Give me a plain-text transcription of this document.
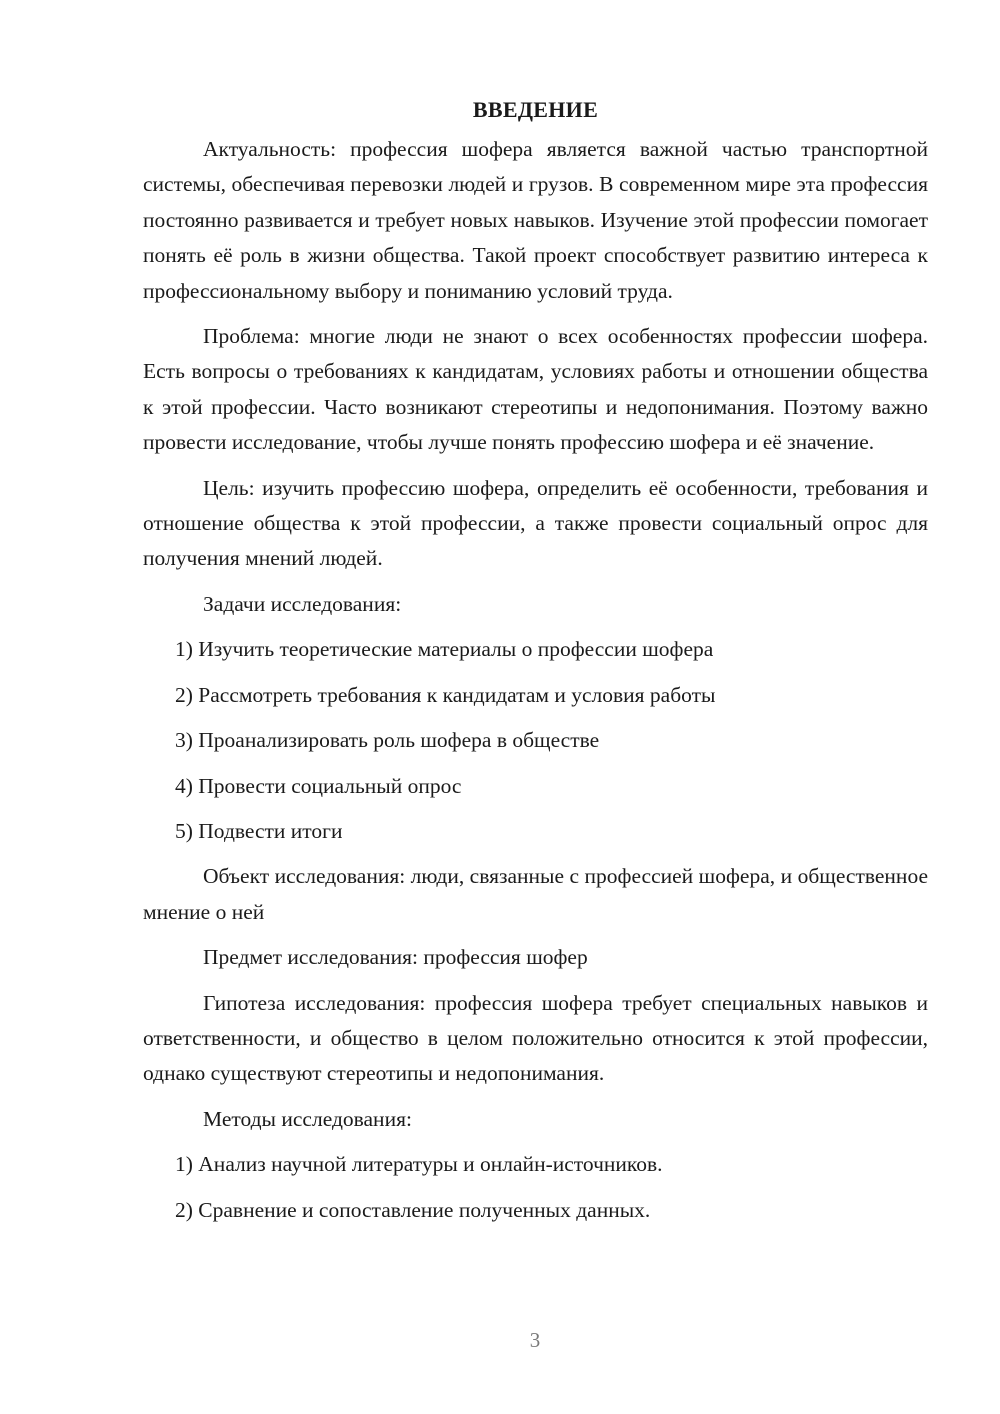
ВВЕДЕНИЕ

Актуальность: профессия шофера является важной частью транспортной системы, обеспечивая перевозки людей и грузов. В современном мире эта профессия постоянно развивается и требует новых навыков. Изучение этой профессии помогает понять её роль в жизни общества. Такой проект способствует развитию интереса к профессиональному выбору и пониманию условий труда.

Проблема: многие люди не знают о всех особенностях профессии шофера. Есть вопросы о требованиях к кандидатам, условиях работы и отношении общества к этой профессии. Часто возникают стереотипы и недопонимания. Поэтому важно провести исследование, чтобы лучше понять профессию шофера и её значение.

Цель: изучить профессию шофера, определить её особенности, требования и отношение общества к этой профессии, а также провести социальный опрос для получения мнений людей.

Задачи исследования:
1) Изучить теоретические материалы о профессии шофера
2) Рассмотреть требования к кандидатам и условия работы
3) Проанализировать роль шофера в обществе
4) Провести социальный опрос
5) Подвести итоги

Объект исследования: люди, связанные с профессией шофера, и общественное мнение о ней

Предмет исследования: профессия шофер

Гипотеза исследования: профессия шофера требует специальных навыков и ответственности, и общество в целом положительно относится к этой профессии, однако существуют стереотипы и недопонимания.

Методы исследования:
1) Анализ научной литературы и онлайн-источников.
2) Сравнение и сопоставление полученных данных.
3
